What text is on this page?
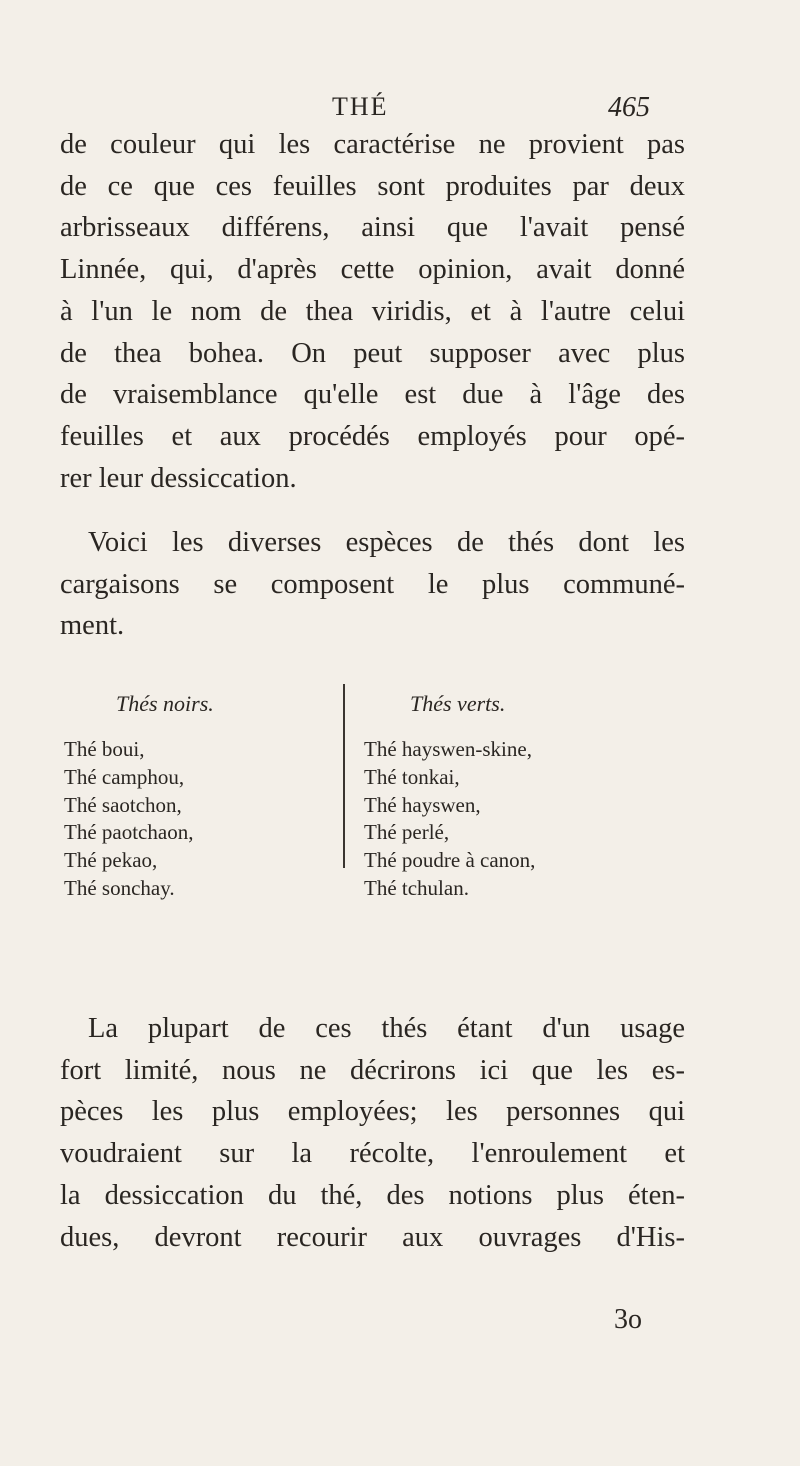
THÉ	465

de couleur qui les caractérise ne provient pas
de ce que ces feuilles sont produites par deux
arbrisseaux différens, ainsi que l'avait pensé
Linnée, qui, d'après cette opinion, avait donné
à l'un le nom de thea viridis, et à l'autre celui
de thea bohea. On peut supposer avec plus
de vraisemblance qu'elle est due à l'âge des
feuilles et aux procédés employés pour opé-
rer leur dessiccation.

Voici les diverses espèces de thés dont les
cargaisons se composent le plus communé-
ment.

Thés noirs.
Thé boui,
Thé camphou,
Thé saotchon,
Thé paotchaon,
Thé pekao,
Thé sonchay.
Thés verts.
Thé hayswen-skine,
Thé tonkai,
Thé hayswen,
Thé perlé,
Thé poudre à canon,
Thé tchulan.

La plupart de ces thés étant d'un usage
fort limité, nous ne décrirons ici que les es-
pèces les plus employées; les personnes qui
voudraient sur la récolte, l'enroulement et
la dessiccation du thé, des notions plus éten-
dues, devront recourir aux ouvrages d'His-

3o
